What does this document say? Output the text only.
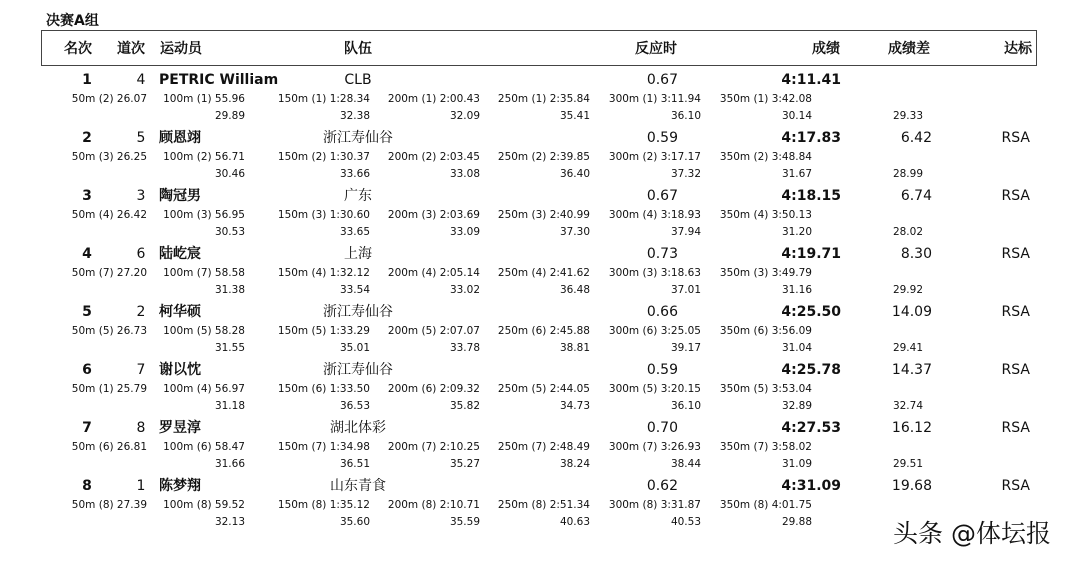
决赛A组
名次 道次 运动员	队伍	反应时	成绩	成绩差	达标
1	4 PETRIC William	CLB	0.67	4:11.41
50m (2) 26.07	100m (1) 55.96	150m (1) 1:28.34	200m (1) 2:00.43	250m (1) 2:35.84	300m (1) 3:11.94	350m (1) 3:42.08
29.89	32.38	32.09	35.41	36.10	30.14	29.33
2	5 顾恩翊	浙江寿仙谷	0.59	4:17.83	6.42	RSA
50m (3) 26.25	100m (2) 56.71	150m (2) 1:30.37	200m (2) 2:03.45	250m (2) 2:39.85	300m (2) 3:17.17	350m (2) 3:48.84
30.46	33.66	33.08	36.40	37.32	31.67	28.99
3	3 陶冠男	广东	0.67	4:18.15	6.74	RSA
50m (4) 26.42	100m (3) 56.95	150m (3) 1:30.60	200m (3) 2:03.69	250m (3) 2:40.99	300m (4) 3:18.93	350m (4) 3:50.13
30.53	33.65	33.09	37.30	37.94	31.20	28.02
4	6 陆屹宸	上海	0.73	4:19.71	8.30	RSA
50m (7) 27.20	100m (7) 58.58	150m (4) 1:32.12	200m (4) 2:05.14	250m (4) 2:41.62	300m (3) 3:18.63	350m (3) 3:49.79
31.38	33.54	33.02	36.48	37.01	31.16	29.92
5	2 柯华硕	浙江寿仙谷	0.66	4:25.50	14.09	RSA
50m (5) 26.73	100m (5) 58.28	150m (5) 1:33.29	200m (5) 2:07.07	250m (6) 2:45.88	300m (6) 3:25.05	350m (6) 3:56.09
31.55	35.01	33.78	38.81	39.17	31.04	29.41
6	7 谢以忱	浙江寿仙谷	0.59	4:25.78	14.37	RSA
50m (1) 25.79	100m (4) 56.97	150m (6) 1:33.50	200m (6) 2:09.32	250m (5) 2:44.05	300m (5) 3:20.15	350m (5) 3:53.04
31.18	36.53	35.82	34.73	36.10	32.89	32.74
7	8 罗昱淳	湖北体彩	0.70	4:27.53	16.12	RSA
50m (6) 26.81	100m (6) 58.47	150m (7) 1:34.98	200m (7) 2:10.25	250m (7) 2:48.49	300m (7) 3:26.93	350m (7) 3:58.02
31.66	36.51	35.27	38.24	38.44	31.09	29.51
8	1 陈梦翔	山东青食	0.62	4:31.09	19.68	RSA
50m (8) 27.39	100m (8) 59.52	150m (8) 1:35.12	200m (8) 2:10.71	250m (8) 2:51.34	300m (8) 3:31.87	350m (8) 4:01.75
32.13	35.60	35.59	40.63	40.53	29.88	头条 @体坛报
